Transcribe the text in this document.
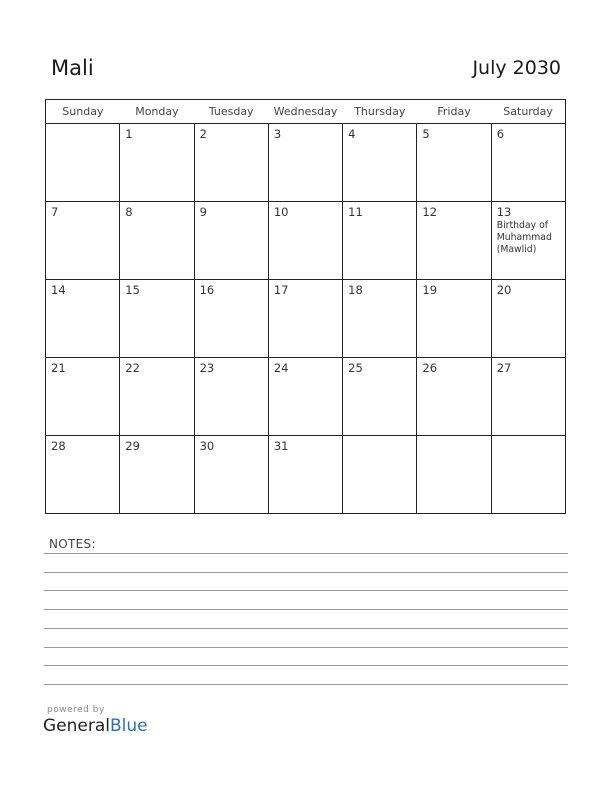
Mali	July 2030
Sunday	Monday	Tuesday	Wednesday	Thursday	Friday	Saturday

	1	2	3	4	5	6

7	8	9	10	11	12	13
Birthday of Muhammad (Mawlid)

14	15	16	17	18	19	20

21	22	23	24	25	26	27

28	29	30	31			

NOTES:
powered by
GeneralBlue
